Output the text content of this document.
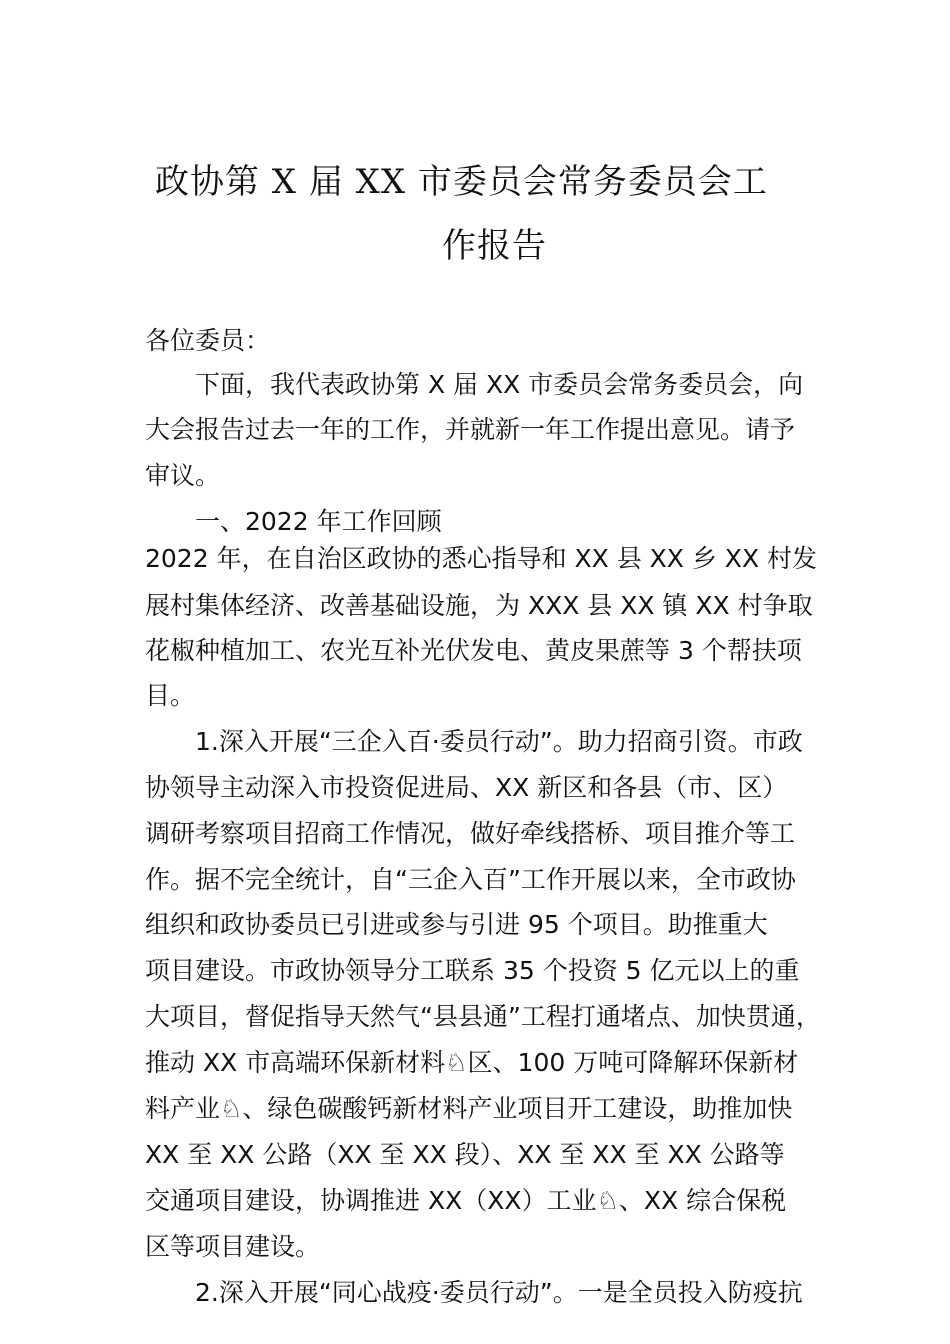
政协第 X 届 XX 市委员会常务委员会工
作报告
各位委员：
下面，我代表政协第 X 届 XX 市委员会常务委员会，向
大会报告过去一年的工作，并就新一年工作提出意见。请予
审议。
一、2022 年工作回顾
2022 年，在自治区政协的悉心指导和 XX 县 XX 乡 XX 村发
展村集体经济、改善基础设施，为 XXX 县 XX 镇 XX 村争取
花椒种植加工、农光互补光伏发电、黄皮果蔗等 3 个帮扶项
目。
1.深入开展“三企入百·委员行动”。助力招商引资。市政
协领导主动深入市投资促进局、XX 新区和各县（市、区）
调研考察项目招商工作情况，做好牵线搭桥、项目推介等工
作。据不完全统计，自“三企入百”工作开展以来，全市政协
组织和政协委员已引进或参与引进 95 个项目。助推重大
项目建设。市政协领导分工联系 35 个投资 5 亿元以上的重
大项目，督促指导天然气“县县通”工程打通堵点、加快贯通，
推动 XX 市高端环保新材料♘区、100 万吨可降解环保新材
料产业♘、绿色碳酸钙新材料产业项目开工建设，助推加快
XX 至 XX 公路（XX 至 XX 段）、XX 至 XX 至 XX 公路等
交通项目建设，协调推进 XX（XX）工业♘、XX 综合保税
区等项目建设。
2.深入开展“同心战疫·委员行动”。一是全员投入防疫抗
